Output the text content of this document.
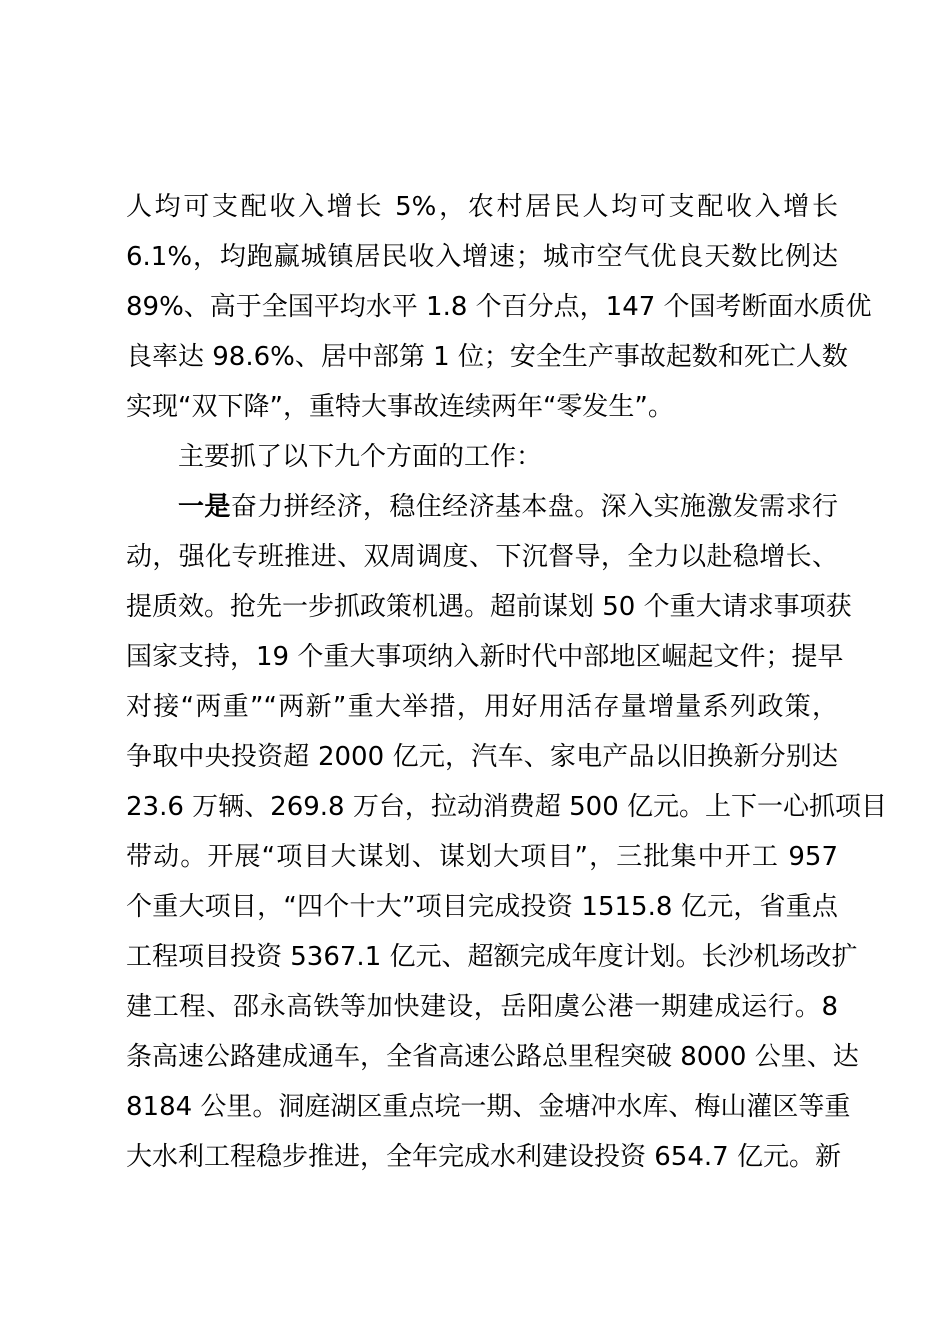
人均可支配收入增长 5%，农村居民人均可支配收入增长
6.1%，均跑赢城镇居民收入增速；城市空气优良天数比例达
89%、高于全国平均水平 1.8 个百分点，147 个国考断面水质优
良率达 98.6%、居中部第 1 位；安全生产事故起数和死亡人数
实现“双下降”，重特大事故连续两年“零发生”。
主要抓了以下九个方面的工作：
一是奋力拼经济，稳住经济基本盘。深入实施激发需求行
动，强化专班推进、双周调度、下沉督导，全力以赴稳增长、
提质效。抢先一步抓政策机遇。超前谋划 50 个重大请求事项获
国家支持，19 个重大事项纳入新时代中部地区崛起文件；提早
对接“两重”“两新”重大举措，用好用活存量增量系列政策，
争取中央投资超 2000 亿元，汽车、家电产品以旧换新分别达
23.6 万辆、269.8 万台，拉动消费超 500 亿元。上下一心抓项目
带动。开展“项目大谋划、谋划大项目”，三批集中开工 957
个重大项目，“四个十大”项目完成投资 1515.8 亿元，省重点
工程项目投资 5367.1 亿元、超额完成年度计划。长沙机场改扩
建工程、邵永高铁等加快建设，岳阳虞公港一期建成运行。8
条高速公路建成通车，全省高速公路总里程突破 8000 公里、达
8184 公里。洞庭湖区重点垸一期、金塘冲水库、梅山灌区等重
大水利工程稳步推进，全年完成水利建设投资 654.7 亿元。新
